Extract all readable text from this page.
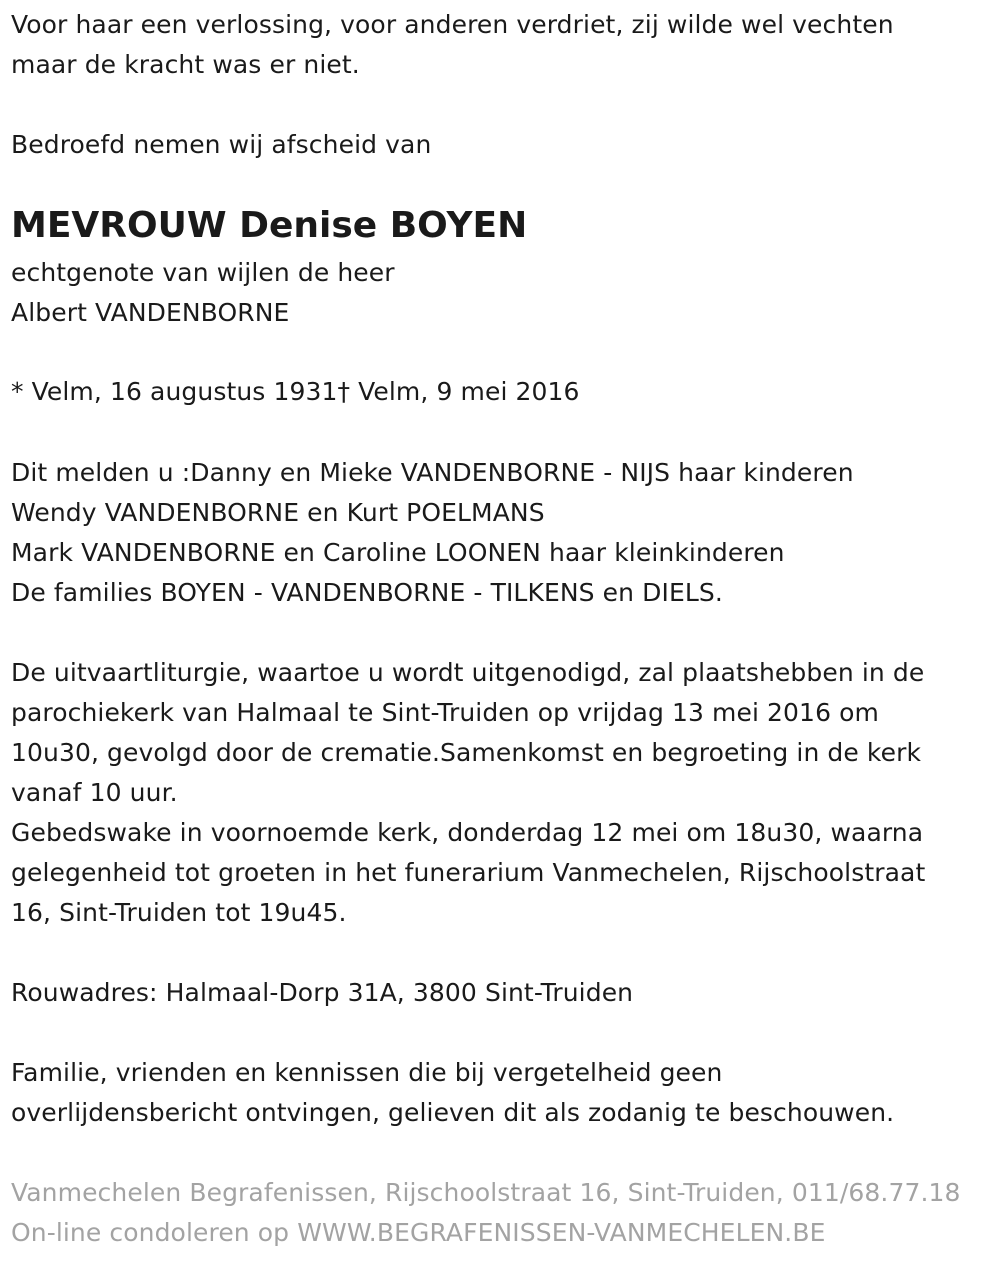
Voor haar een verlossing, voor anderen verdriet, zij wilde wel vechten
maar de kracht was er niet.
Bedroefd nemen wij afscheid van
MEVROUW Denise BOYEN
echtgenote van wijlen de heer
Albert VANDENBORNE
* Velm, 16 augustus 1931† Velm, 9 mei 2016
Dit melden u :Danny en Mieke VANDENBORNE - NIJS haar kinderen
Wendy VANDENBORNE en Kurt POELMANS
Mark VANDENBORNE en Caroline LOONEN haar kleinkinderen
De families BOYEN - VANDENBORNE - TILKENS en DIELS.
De uitvaartliturgie, waartoe u wordt uitgenodigd, zal plaatshebben in de
parochiekerk van Halmaal te Sint-Truiden op vrijdag 13 mei 2016 om
10u30, gevolgd door de crematie.Samenkomst en begroeting in de kerk
vanaf 10 uur.
Gebedswake in voornoemde kerk, donderdag 12 mei om 18u30, waarna
gelegenheid tot groeten in het funerarium Vanmechelen, Rijschoolstraat
16, Sint-Truiden tot 19u45.
Rouwadres: Halmaal-Dorp 31A, 3800 Sint-Truiden
Familie, vrienden en kennissen die bij vergetelheid geen
overlijdensbericht ontvingen, gelieven dit als zodanig te beschouwen.
Vanmechelen Begrafenissen, Rijschoolstraat 16, Sint-Truiden, 011/68.77.18
On-line condoleren op WWW.BEGRAFENISSEN-VANMECHELEN.BE
